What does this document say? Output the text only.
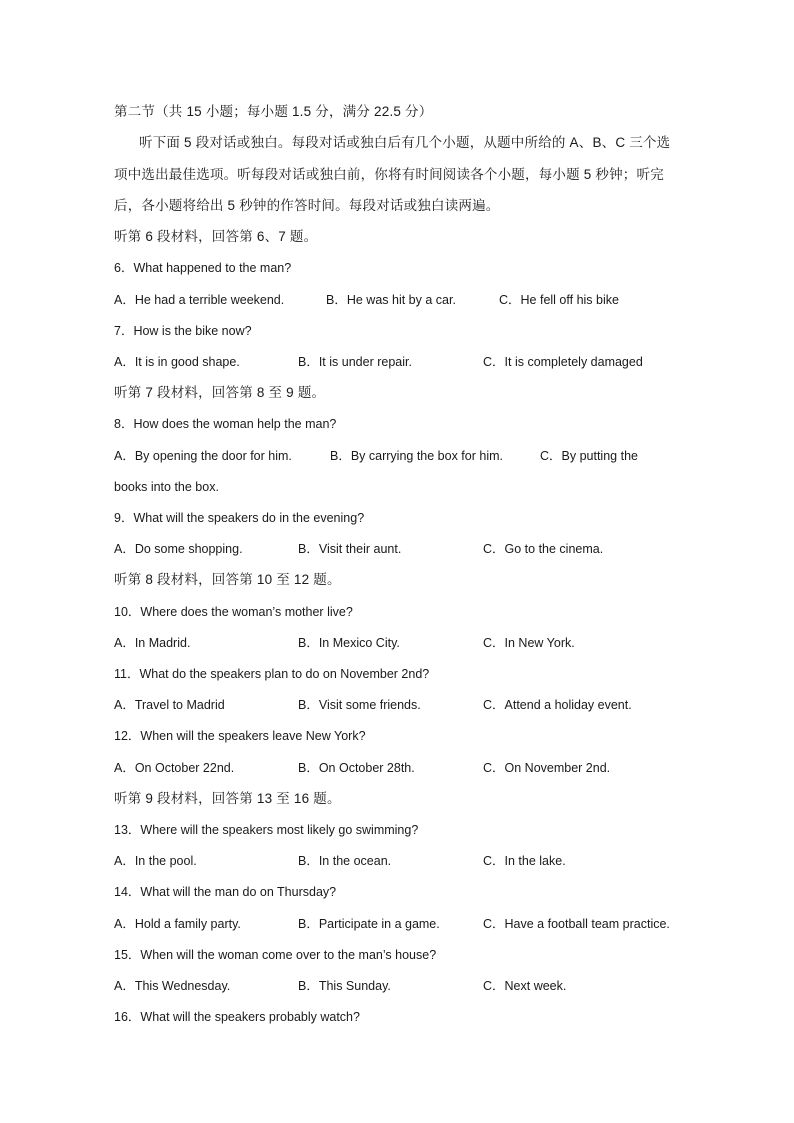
第二节（共 15 小题；每小题 1.5 分，满分 22.5 分）
听下面 5 段对话或独白。每段对话或独白后有几个小题，从题中所给的 A、B、C 三个选
项中选出最佳选项。听每段对话或独白前，你将有时间阅读各个小题，每小题 5 秒钟；听完
后，各小题将给出 5 秒钟的作答时间。每段对话或独白读两遍。
听第 6 段材料，回答第 6、7 题。
6．What happened to the man?
A．He had a terrible weekend.	B．He was hit by a car.	C．He fell off his bike
7．How is the bike now?
A．It is in good shape.	B．It is under repair.	C．It is completely damaged
听第 7 段材料，回答第 8 至 9 题。
8．How does the woman help the man?
A．By opening the door for him.	B．By carrying the box for him.	C．By putting the
books into the box.
9．What will the speakers do in the evening?
A．Do some shopping.	B．Visit their aunt.	C．Go to the cinema.
听第 8 段材料，回答第 10 至 12 题。
10．Where does the woman’s mother live?
A．In Madrid.	B．In Mexico City.	C．In New York.
11．What do the speakers plan to do on November 2nd?
A．Travel to Madrid	B．Visit some friends.	C．Attend a holiday event.
12．When will the speakers leave New York?
A．On October 22nd.	B．On October 28th.	C．On November 2nd.
听第 9 段材料，回答第 13 至 16 题。
13．Where will the speakers most likely go swimming?
A．In the pool.	B．In the ocean.	C．In the lake.
14．What will the man do on Thursday?
A．Hold a family party.	B．Participate in a game.	C．Have a football team practice.
15．When will the woman come over to the man’s house?
A．This Wednesday.	B．This Sunday.	C．Next week.
16．What will the speakers probably watch?
